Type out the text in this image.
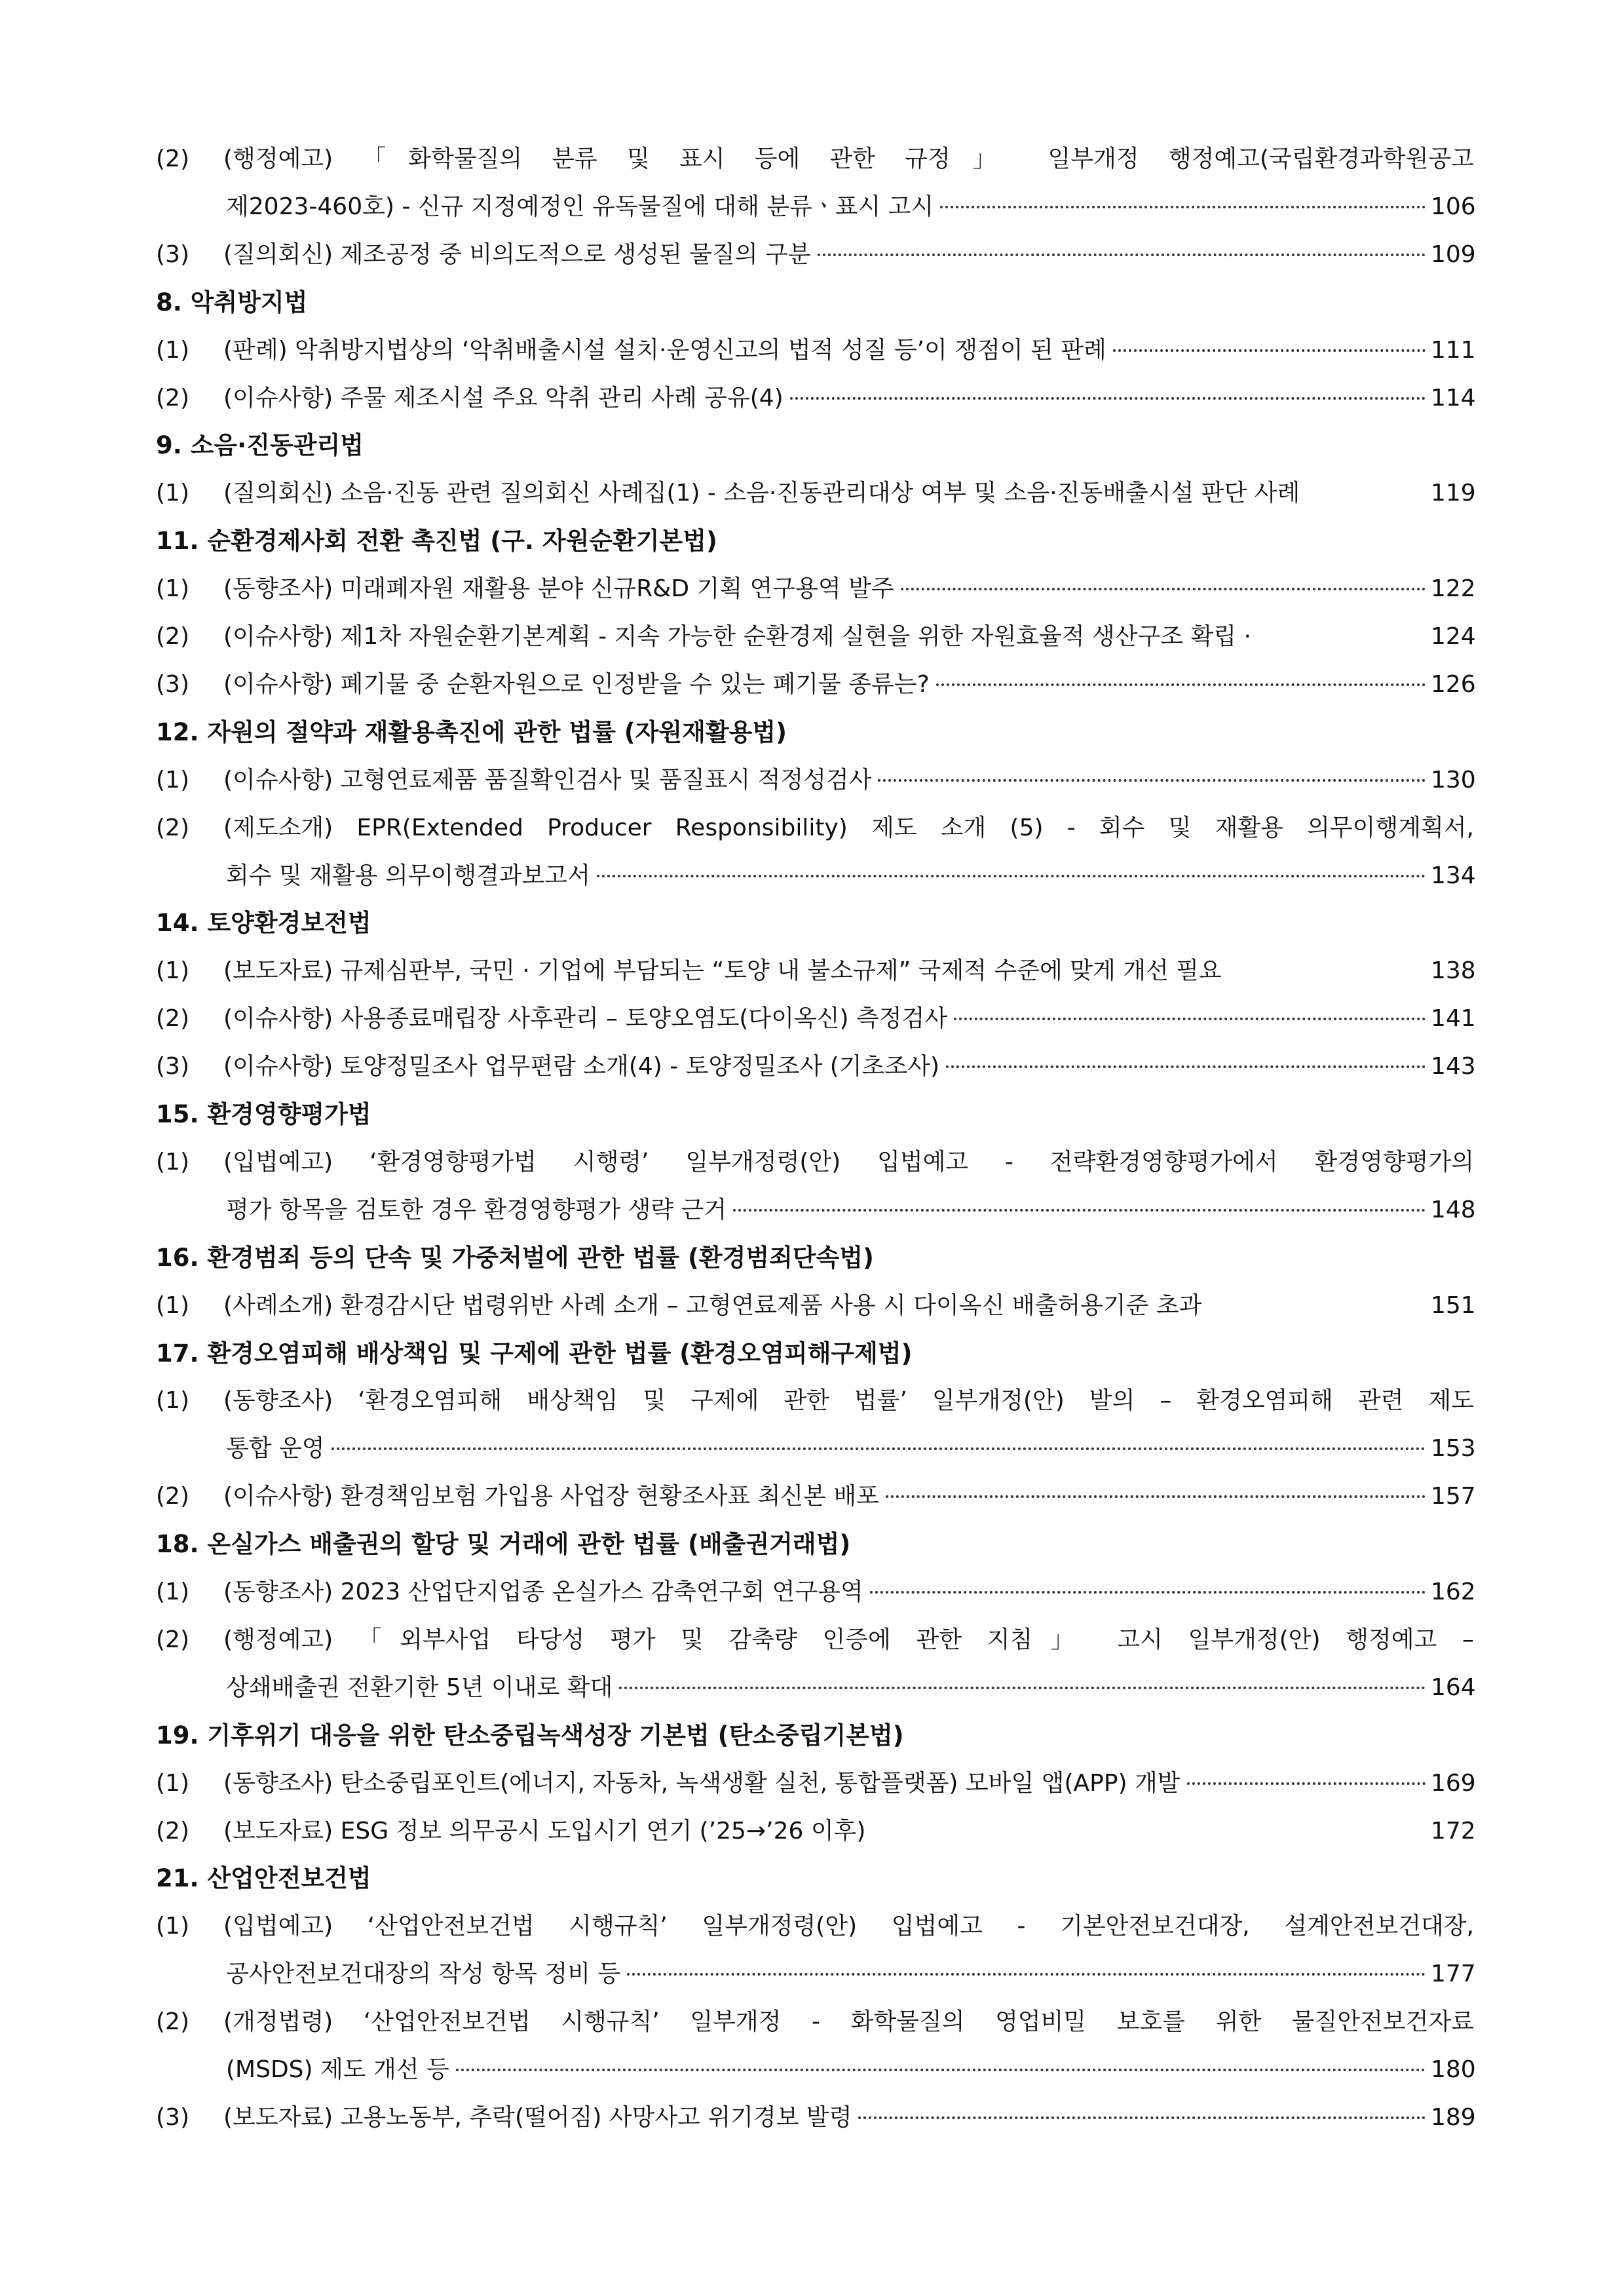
(2)	(행정예고) 「화학물질의 분류 및 표시 등에 관한 규정」 일부개정 행정예고(국립환경과학원공고
제2023-460호) - 신규 지정예정인 유독물질에 대해 분류ㆍ표시 고시	106
(3)	(질의회신) 제조공정 중 비의도적으로 생성된 물질의 구분	109
8. 악취방지법
(1)	(판례) 악취방지법상의 ‘악취배출시설 설치·운영신고의 법적 성질 등’이 쟁점이 된 판례	111
(2)	(이슈사항) 주물 제조시설 주요 악취 관리 사례 공유(4)	114
9. 소음·진동관리법
(1)	(질의회신) 소음·진동 관련 질의회신 사례집(1) - 소음·진동관리대상 여부 및 소음·진동배출시설 판단 사례	119
11. 순환경제사회 전환 촉진법 (구. 자원순환기본법)
(1)	(동향조사) 미래폐자원 재활용 분야 신규R&D 기획 연구용역 발주	122
(2)	(이슈사항) 제1차 자원순환기본계획 - 지속 가능한 순환경제 실현을 위한 자원효율적 생산구조 확립 ·	124
(3)	(이슈사항) 폐기물 중 순환자원으로 인정받을 수 있는 폐기물 종류는?	126
12. 자원의 절약과 재활용촉진에 관한 법률 (자원재활용법)
(1)	(이슈사항) 고형연료제품 품질확인검사 및 품질표시 적정성검사	130
(2)	(제도소개) EPR(Extended Producer Responsibility) 제도 소개 (5) - 회수 및 재활용 의무이행계획서,
회수 및 재활용 의무이행결과보고서	134
14. 토양환경보전법
(1)	(보도자료) 규제심판부, 국민 · 기업에 부담되는 “토양 내 불소규제” 국제적 수준에 맞게 개선 필요	138
(2)	(이슈사항) 사용종료매립장 사후관리 – 토양오염도(다이옥신) 측정검사	141
(3)	(이슈사항) 토양정밀조사 업무편람 소개(4) - 토양정밀조사 (기초조사)	143
15. 환경영향평가법
(1)	(입법예고) ‘환경영향평가법 시행령’ 일부개정령(안) 입법예고 - 전략환경영향평가에서 환경영향평가의
평가 항목을 검토한 경우 환경영향평가 생략 근거	148
16. 환경범죄 등의 단속 및 가중처벌에 관한 법률 (환경범죄단속법)
(1)	(사례소개) 환경감시단 법령위반 사례 소개 – 고형연료제품 사용 시 다이옥신 배출허용기준 초과	151
17. 환경오염피해 배상책임 및 구제에 관한 법률 (환경오염피해구제법)
(1)	(동향조사) ‘환경오염피해 배상책임 및 구제에 관한 법률’ 일부개정(안) 발의 – 환경오염피해 관련 제도
통합 운영	153
(2)	(이슈사항) 환경책임보험 가입용 사업장 현황조사표 최신본 배포	157
18. 온실가스 배출권의 할당 및 거래에 관한 법률 (배출권거래법)
(1)	(동향조사) 2023 산업단지업종 온실가스 감축연구회 연구용역	162
(2)	(행정예고) 「외부사업 타당성 평가 및 감축량 인증에 관한 지침」 고시 일부개정(안) 행정예고 –
상쇄배출권 전환기한 5년 이내로 확대	164
19. 기후위기 대응을 위한 탄소중립녹색성장 기본법 (탄소중립기본법)
(1)	(동향조사) 탄소중립포인트(에너지, 자동차, 녹색생활 실천, 통합플랫폼) 모바일 앱(APP) 개발	169
(2)	(보도자료) ESG 정보 의무공시 도입시기 연기 (’25→’26 이후)	172
21. 산업안전보건법
(1)	(입법예고) ‘산업안전보건법 시행규칙’ 일부개정령(안) 입법예고 - 기본안전보건대장, 설계안전보건대장,
공사안전보건대장의 작성 항목 정비 등	177
(2)	(개정법령) ‘산업안전보건법 시행규칙’ 일부개정 - 화학물질의 영업비밀 보호를 위한 물질안전보건자료
(MSDS) 제도 개선 등	180
(3)	(보도자료) 고용노동부, 추락(떨어짐) 사망사고 위기경보 발령	189
